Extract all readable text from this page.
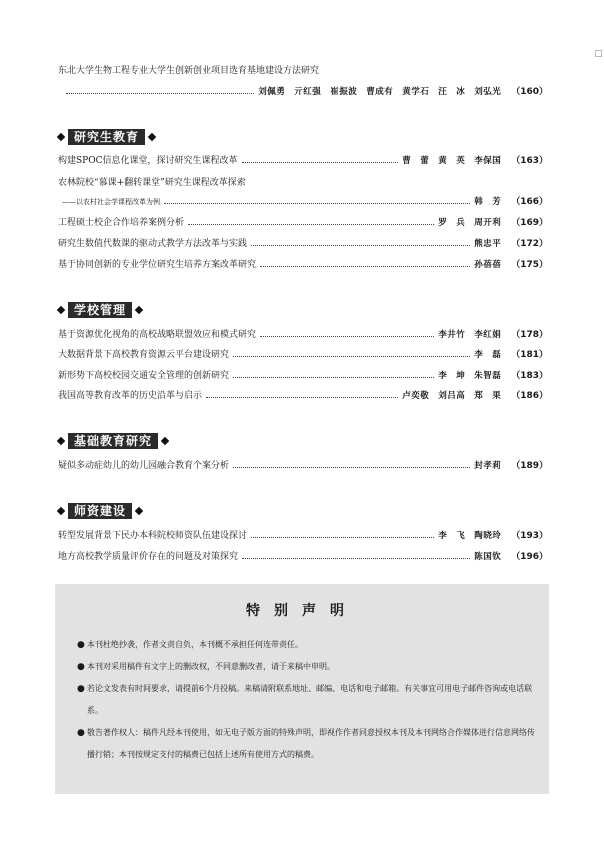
东北大学生物工程专业大学生创新创业项目选育基地建设方法研究
刘佩勇　亓红强　崔振波　曹成有　黄学石　汪　冰　刘弘光 （160）
研究生教育
构建SPOC信息化课堂，探讨研究生课程改革	曹　蕾　黄　英　李保国 （163）
农林院校“慕课+翻转课堂”研究生课程改革探索
——以农村社会学课程改革为例	韩　芳 （166）
工程硕士校企合作培养案例分析	罗　兵　周开利 （169）
研究生数值代数课的驱动式教学方法改革与实践	熊忠平 （172）
基于协同创新的专业学位研究生培养方案改革研究	孙蓓蓓 （175）
学校管理
基于资源优化视角的高校战略联盟效应和模式研究	李井竹　李红娟 （178）
大数据背景下高校教育资源云平台建设研究	李　磊 （181）
新形势下高校校园交通安全管理的创新研究	李　坤　朱智磊 （183）
我国高等教育改革的历史沿革与启示	卢奕敬　刘吕高　郑　果 （186）
基础教育研究
疑似多动症幼儿的幼儿园融合教育个案分析	封孝莉 （189）
师资建设
转型发展背景下民办本科院校师资队伍建设探讨	李　飞　陶晓玲 （193）
地方高校教学质量评价存在的问题及对策探究	陈国钦 （196）
特别声明
● 本刊杜绝抄袭，作者文责自负，本刊概不承担任何连带责任。
● 本刊对采用稿件有文字上的删改权，不同意删改者，请于来稿中申明。
● 若论文发表有时间要求，请提前6个月投稿。来稿请附联系地址、邮编、电话和电子邮箱。有关事宜可用电子邮件咨询或电话联系。
● 敬告著作权人：稿件凡经本刊使用，如无电子版方面的特殊声明，即视作作者同意授权本刊及本刊网络合作媒体进行信息网络传播行销；本刊按规定支付的稿费已包括上述所有使用方式的稿费。
